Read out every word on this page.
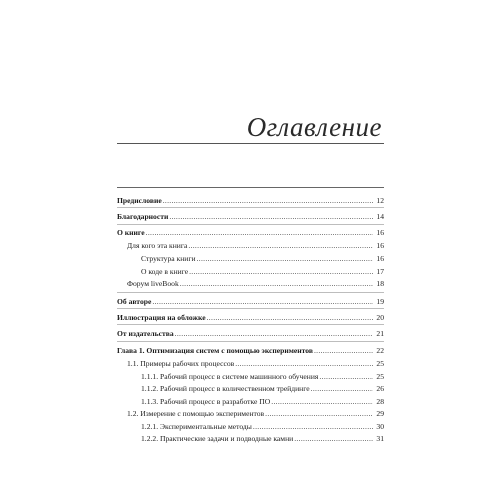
Оглавление
Предисловие .....	12
Благодарности .....	14
О книге .....	16
Для кого эта книга .....	16
Структура книги .....	16
О коде в книге .....	17
Форум liveBook .....	18
Об авторе .....	19
Иллюстрация на обложке .....	20
От издательства .....	21
Глава 1. Оптимизация систем с помощью экспериментов .....	22
1.1. Примеры рабочих процессов .....	25
1.1.1. Рабочий процесс в системе машинного обучения .....	25
1.1.2. Рабочий процесс в количественном трейдинге .....	26
1.1.3. Рабочий процесс в разработке ПО .....	28
1.2. Измерение с помощью экспериментов .....	29
1.2.1. Экспериментальные методы .....	30
1.2.2. Практические задачи и подводные камни .....	31
